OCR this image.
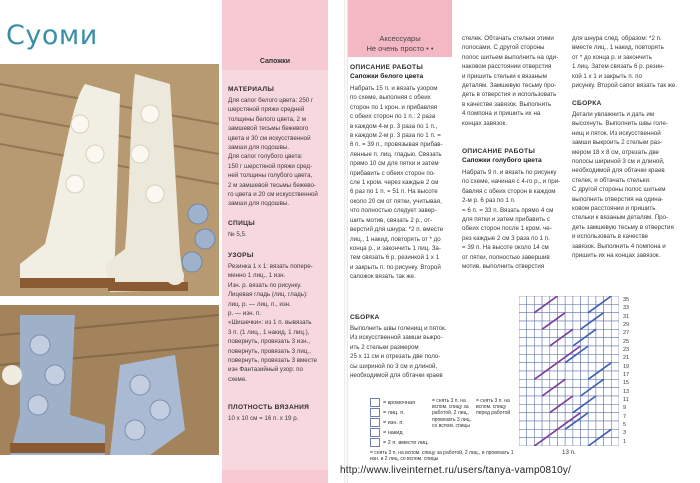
Суоми
Сапожки
МАТЕРИАЛЫ
Для сапог белого цвета: 250 г
шерстяной пряжи средней
толщины белого цвета, 2 м
замшевой тесьмы бежевого
цвета и 30 см искусственной
замши для подошвы.
Для сапог голубого цвета:
150 г шерстяной пряжи сред-
ней толщины голубого цвета,
2 м замшевой тесьмы бежево-
го цвета и 20 см искусственной
замши для подошвы.
СПИЦЫ
№ 5,5.
УЗОРЫ
Резинка 1 х 1: вязать попере-
менно 1 лиц., 1 изн.
Изн. р. вязать по рисунку.
Лицевая гладь (лиц. гладь):
лиц. р. — лиц. п., изн.
р. — изн. п.
«Шишечки»: из 1 п. вывязать
3 п. (1 лиц., 1 накид, 1 лиц.),
повернуть, провязать 3 изн.,
повернуть, провязать 3 лиц.,
повернуть, провязать 3 вместе
изн Фантазийный узор: по
схеме.
ПЛОТНОСТЬ ВЯЗАНИЯ
10 х 10 см = 16 п. х 19 р.
Аксессуары
Не очень просто • •
ОПИСАНИЕ РАБОТЫ
Сапожки белого цвета
Набрать 15 п. и вязать узором
по схеме, выполняя с обеих
сторон по 1 крон. и прибавляя
с обеих сторон по 1 п.: 2 раза
в каждом 4-м р. 3 раза по 1 п.,
в каждом 2-м р. 3 раза по 1 п. =
6 п. = 39 п., провязывая прибав-
ленные п. лиц. гладью. Связать
прямо 10 см для пятки и затем
прибавить с обеих сторон по-
сле 1 кром. через каждые 2 см
6 раз по 1 п. = 51 п. На высоте
около 20 см от пятки, учитывая,
что полностью следует завер-
шить мотив, связать 2 р., от-
верстий для шнура: *2 п. вместе
лиц., 1 накид, повторять от * до
конца р., и закончить 1 лиц. За-
тем связать 6 р. резинкой 1 х 1
и закрыть п. по рисунку. Второй
сапожок вязать так же.
СБОРКА
Выполнить швы голенищ и пяток.
Из искусственной замши выкро-
ить 2 стельки размером
25 х 11 см и отрезать две поло-
сы шириной по 3 см и длиной,
необходимой для обтачки краев
стелек. Обтачать стельки этими
полосами. С другой стороны
полос шитьем выполнить на оди-
наковом расстоянии отверстия
и пришить стельки к вязаным
деталям. Замшевую тесьму про-
деть в отверстия и использовать
в качестве завязок. Выполнить
4 помпона и пришить их на
концах завязок.
ОПИСАНИЕ РАБОТЫ
Сапожки голубого цвета
Набрать 9 п. и вязать по рисунку
по схеме, начиная с 4-го р., и при-
бавляя с обеих сторон в каждом
2-м р. 6 раз по 1 п.
= 6 п. = 33 п. Вязать прямо 4 см
для пятки и затем прибавить с
обеих сторон после 1 кром. че-
рез каждые 2 см 3 раза по 1 п.
= 39 п. На высоте около 14 см
от пятки, полностью завершив
мотив, выполнить отверстия
для шнура след. образом: *2 п.
вместе лиц., 1 накид, повторять
от * до конца р. и закончить
1 лиц. Затем связать 6 р. резин-
кой 1 х 1 и закрыть п. по
рисунку. Второй сапог вязать так же.
СБОРКА
Детали увлажнить и дать им
высохнуть. Выполнить швы голе-
нищ и пяток. Из искусственной
замши выкроить 2 стельки раз-
мером 18 х 8 см, отрезать две
полосы шириной 3 см и длиной,
необходимой для обтачки краев
стелек, и обтачать стельки.
С другой стороны полос шитьем
выполнить отверстия на одина-
ковом расстоянии и пришить
стельки к вязаным деталям. Про-
деть замшевую тесьму в отверстия
и использовать в качестве
завязок. Выполнить 4 помпона и
пришить их на концах завязок.
35
33
31
29
27
25
23
21
19
17
15
13
11
9
7
5
3
1
13 п.
= кромочная
= лиц. п.
= изн. п.
= накид
= 2 п. вместе лиц.
= снять 3 п. на вспом. спицу за работой, 2 лиц., провязать 3 лиц. со вспом. спицы
= снять 3 п. на вспом. спицу перед работой
= снять 3 п. на вспом. спицу за работой, 2 лиц., и провязать 1 изн. и 2 лиц. со вспом. спицы
http://www.liveinternet.ru/users/tanya-vamp0810y/
